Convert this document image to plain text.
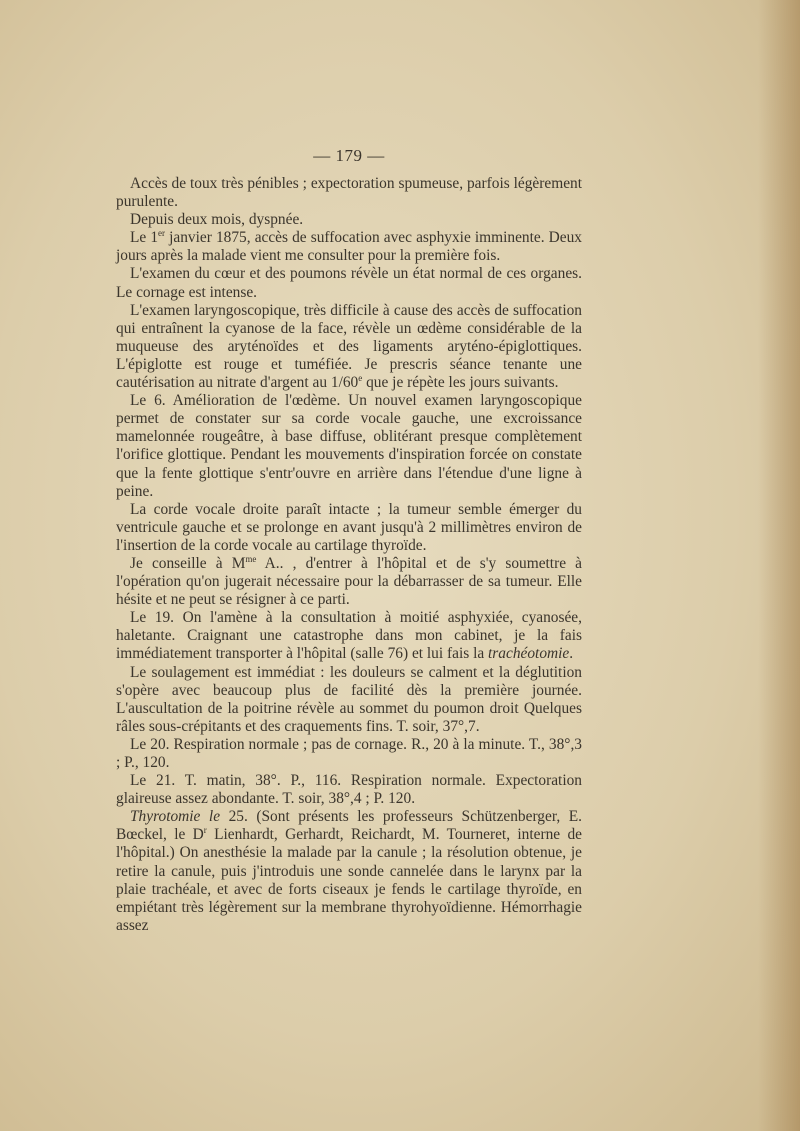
— 179 —

Accès de toux très pénibles ; expectoration spumeuse, parfois légèrement purulente.

Depuis deux mois, dyspnée.

Le 1er janvier 1875, accès de suffocation avec asphyxie imminente. Deux jours après la malade vient me consulter pour la première fois.

L'examen du cœur et des poumons révèle un état normal de ces organes. Le cornage est intense.

L'examen laryngoscopique, très difficile à cause des accès de suffocation qui entraînent la cyanose de la face, révèle un œdème considérable de la muqueuse des aryténoïdes et des ligaments aryténo-épiglottiques. L'épiglotte est rouge et tuméfiée. Je prescris séance tenante une cautérisation au nitrate d'argent au 1/60e que je répète les jours suivants.

Le 6. Amélioration de l'œdème. Un nouvel examen laryngoscopique permet de constater sur sa corde vocale gauche, une excroissance mamelonnée rougeâtre, à base diffuse, oblitérant presque complètement l'orifice glottique. Pendant les mouvements d'inspiration forcée on constate que la fente glottique s'entr'ouvre en arrière dans l'étendue d'une ligne à peine.

La corde vocale droite paraît intacte ; la tumeur semble émerger du ventricule gauche et se prolonge en avant jusqu'à 2 millimètres environ de l'insertion de la corde vocale au cartilage thyroïde.

Je conseille à $M^{me}$ A.. , d'entrer à l'hôpital et de s'y soumettre à l'opération qu'on jugerait nécessaire pour la débarrasser de sa tumeur. Elle hésite et ne peut se résigner à ce parti.

Le 19. On l'amène à la consultation à moitié asphyxiée, cyanosée, haletante. Craignant une catastrophe dans mon cabinet, je la fais immédiatement transporter à l'hôpital (salle 76) et lui fais la trachéotomie.

Le soulagement est immédiat : les douleurs se calment et la déglutition s'opère avec beaucoup plus de facilité dès la première journée. L'auscultation de la poitrine révèle au sommet du poumon droit Quelques râles sous-crépitants et des craquements fins. T. soir, 37°,7.

Le 20. Respiration normale ; pas de cornage. R., 20 à la minute. T., 38°,3 ; P., 120.

Le 21. T. matin, 38°. P., 116. Respiration normale. Expectoration glaireuse assez abondante. T. soir, 38°,4 ; P. 120.

Thyrotomie le 25. (Sont présents les professeurs Schützenberger, E. Bœckel, le $D^r$ Lienhardt, Gerhardt, Reichardt, M. Tourneret, interne de l'hôpital.) On anesthésie la malade par la canule ; la résolution obtenue, je retire la canule, puis j'introduis une sonde cannelée dans le larynx par la plaie trachéale, et avec de forts ciseaux je fends le cartilage thyroïde, en empiétant très légèrement sur la membrane thyrohyoïdienne. Hémorrhagie assez
